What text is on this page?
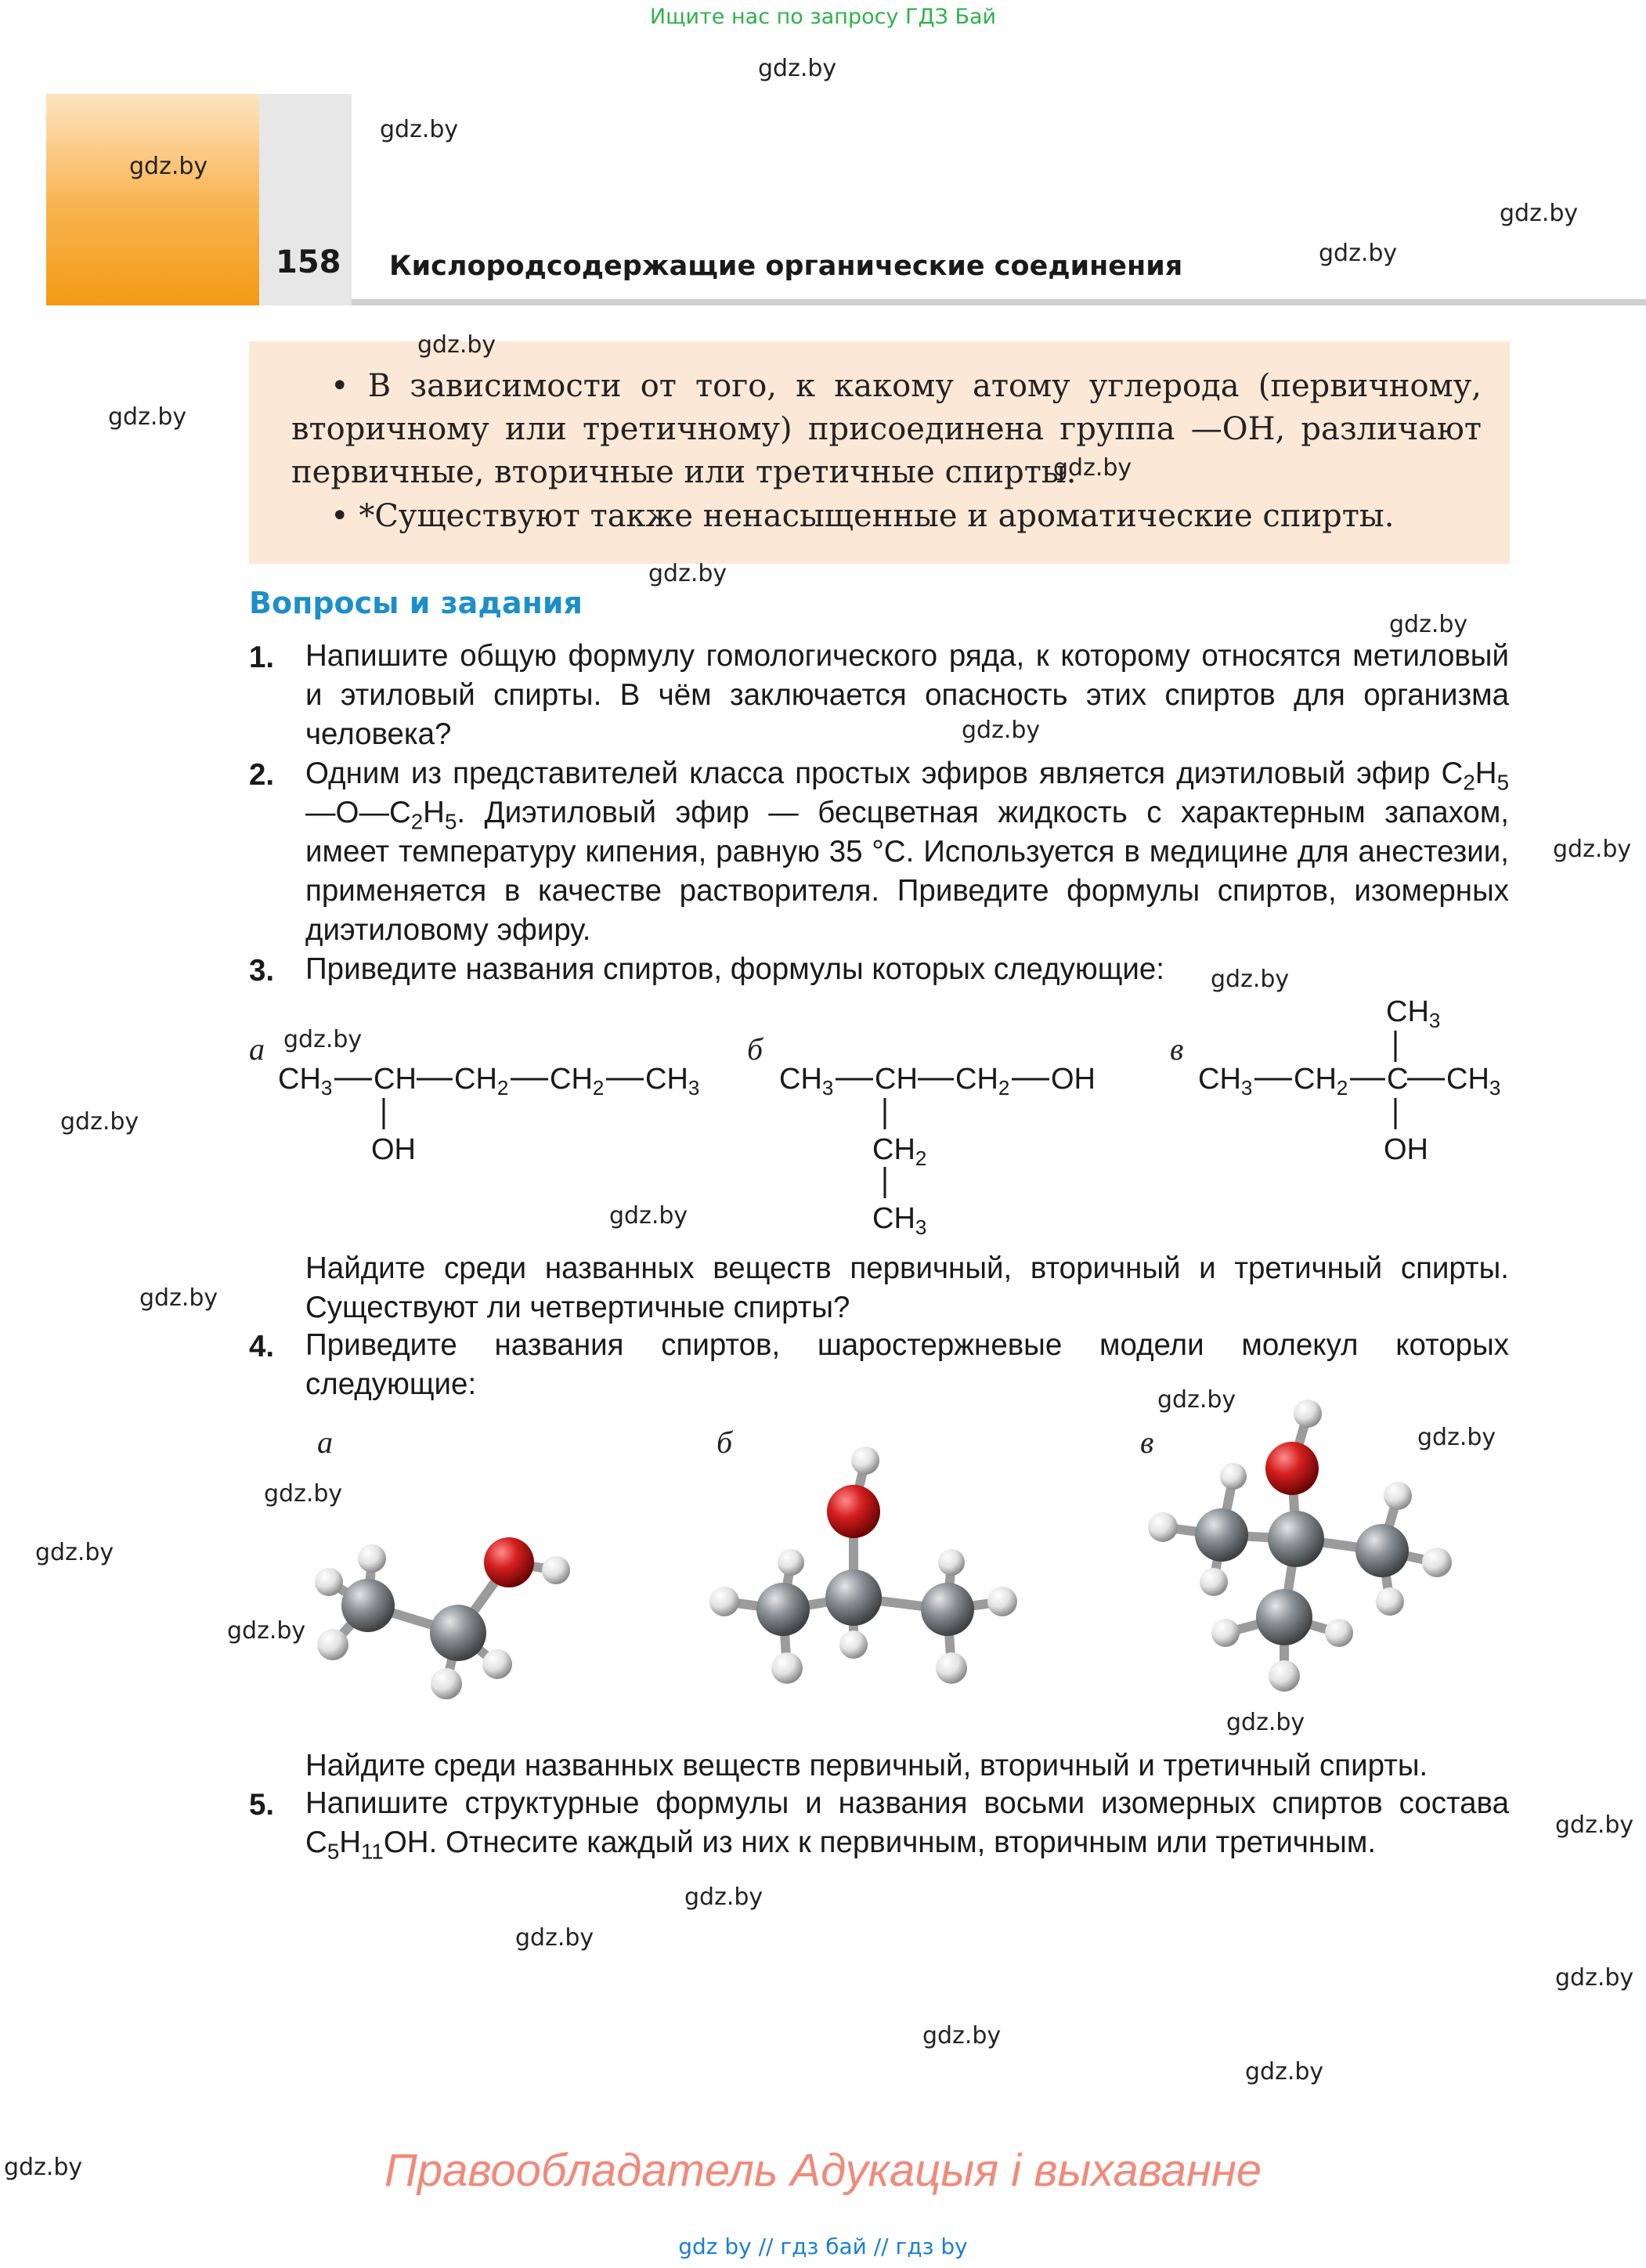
Ищите нас по запросу ГДЗ Бай
158 Кислородсодержащие органические соединения
• В зависимости от того, к какому атому углерода (первичному, вторичному или третичному) присоединена группа —ОН, различают первичные, вторичные или третичные спирты.
• *Существуют также ненасыщенные и ароматические спирты.
Вопросы и задания
1. Напишите общую формулу гомологического ряда, к которому относятся метиловый и этиловый спирты. В чём заключается опасность этих спиртов для организма человека?
2. Одним из представителей класса простых эфиров является диэтиловый эфир $C_2H_5—O—C_2H_5$. Диэтиловый эфир — бесцветная жидкость с характерным запахом, имеет температуру кипения, равную 35 °С. Используется в медицине для анестезии, применяется в качестве растворителя. Приведите формулы спиртов, изомерных диэтиловому эфиру.
3. Приведите названия спиртов, формулы которых следующие:
а
$CH_3$ CH $CH_2$ $CH_2$ $CH_3$
OH
б
$CH_3$ CH $CH_2$ OH
$CH_2$
$CH_3$
в
$CH_3$
$CH_3$ $CH_2$ C $CH_3$
OH
Найдите среди названных веществ первичный, вторичный и третичный спирты. Существуют ли четвертичные спирты?
4. Приведите названия спиртов, шаростержневые модели молекул которых следующие:
а	б	в
Найдите среди названных веществ первичный, вторичный и третичный спирты.
5. Напишите структурные формулы и названия восьми изомерных спиртов состава $C_5H_{11}OH$. Отнесите каждый из них к первичным, вторичным или третичным.
gdz.by
gdz.by
gdz.by
gdz.by
gdz.by
gdz.by
gdz.by
gdz.by
gdz.by
gdz.by
gdz.by
gdz.by
gdz.by
gdz.by
gdz.by
gdz.by
gdz.by
gdz.by
gdz.by
gdz.by
gdz.by
gdz.by
gdz.by
gdz.by
gdz.by
gdz.by
gdz.by
gdz.by
gdz.by
gdz.by	Правообладатель Адукацыя і выхаванне
gdz by // гдз бай // гдз by
